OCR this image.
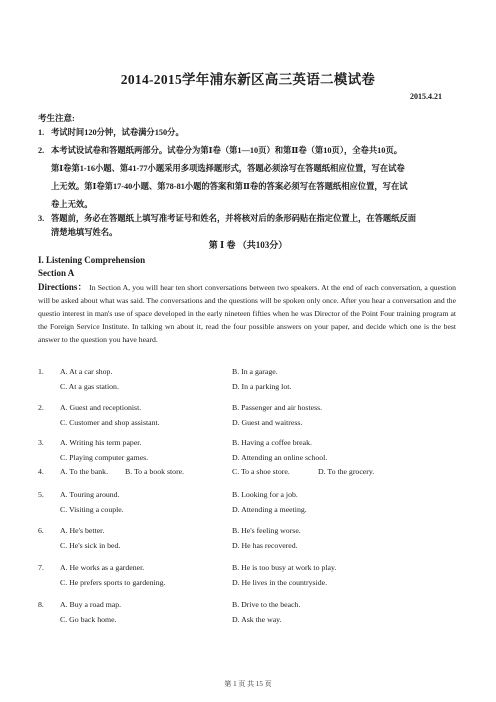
2014-2015学年浦东新区高三英语二模试卷
2015.4.21
考生注意:
1. 考试时间120分钟，试卷满分150分。
2. 本考试设试卷和答题纸两部分。试卷分为第Ⅰ卷（第1—10页）和第Ⅱ卷（第10页），全卷共10页。
第Ⅰ卷第1-16小题、第41-77小题采用多项选择题形式，答题必须涂写在答题纸相应位置，写在试卷
上无效。第Ⅰ卷第17-40小题、第78-81小题的答案和第Ⅱ卷的答案必须写在答题纸相应位置，写在试
卷上无效。
3. 答题前，务必在答题纸上填写准考证号和姓名，并将核对后的条形码贴在指定位置上，在答题纸反面
清楚地填写姓名。
第 Ⅰ 卷 （共103分）
I. Listening Comprehension
Section A
Directions： In Section A, you will hear ten short conversations between two speakers. At the end of each conversation, a question will be asked about what was said. The conversations and the questions will be spoken only once. After you hear a conversation and the questio interest in man's use of space developed in the early nineteen fifties when he was Director of the Point Four training program at the Foreign Service Institute. In talking wn about it, read the four possible answers on your paper, and decide which one is the best answer to the question you have heard.
1. A. At a car shop.	B. In a garage.
C. At a gas station.	D. In a parking lot.
2. A. Guest and receptionist.	B. Passenger and air hostess.
C. Customer and shop assistant.	D. Guest and waitress.
3. A. Writing his term paper.	B. Having a coffee break.
C. Playing computer games.	D. Attending an online school.
4. A. To the bank. B. To a book store.	C. To a shoe store.	D. To the grocery.
5. A. Touring around.	B. Looking for a job.
C. Visiting a couple.	D. Attending a meeting.
6. A. He's better.	B. He's feeling worse.
C. He's sick in bed.	D. He has recovered.
7. A. He works as a gardener.	B. He is too busy at work to play.
C. He prefers sports to gardening.	D. He lives in the countryside.
8. A. Buy a road map.	B. Drive to the beach.
C. Go back home.	D. Ask the way.
第 1 页 共 15 页
